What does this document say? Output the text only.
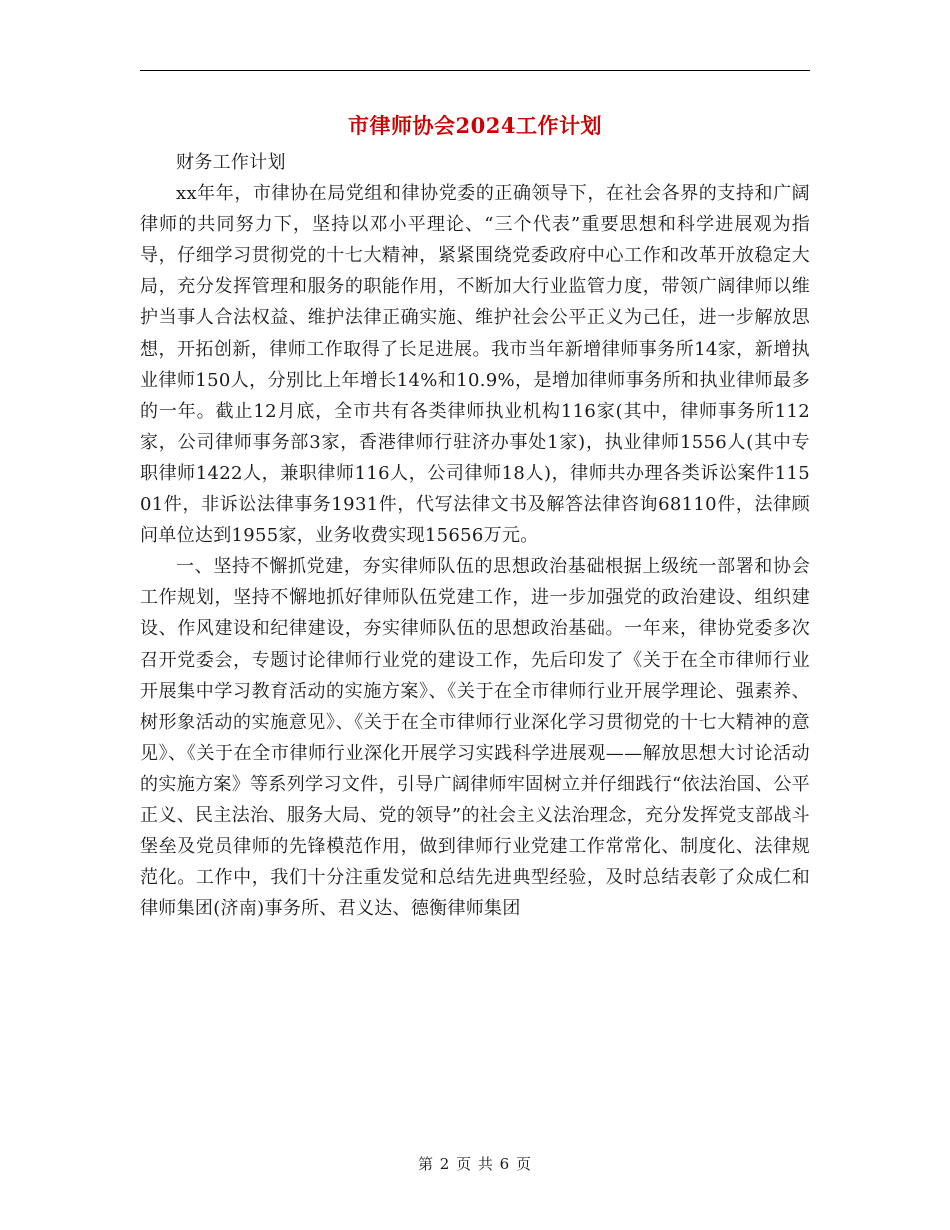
市律师协会2024工作计划

财务工作计划

xx年年，市律协在局党组和律协党委的正确领导下，在社会各界的支持和广阔律师的共同努力下，坚持以邓小平理论、“三个代表”重要思想和科学进展观为指导，仔细学习贯彻党的十七大精神，紧紧围绕党委政府中心工作和改革开放稳定大局，充分发挥管理和服务的职能作用，不断加大行业监管力度，带领广阔律师以维护当事人合法权益、维护法律正确实施、维护社会公平正义为己任，进一步解放思想，开拓创新，律师工作取得了长足进展。我市当年新增律师事务所14家，新增执业律师150人，分别比上年增长14%和10.9%，是增加律师事务所和执业律师最多的一年。截止12月底，全市共有各类律师执业机构116家(其中，律师事务所112家，公司律师事务部3家，香港律师行驻济办事处1家)，执业律师1556人(其中专职律师1422人，兼职律师116人，公司律师18人)，律师共办理各类诉讼案件11501件，非诉讼法律事务1931件，代写法律文书及解答法律咨询68110件，法律顾问单位达到1955家，业务收费实现15656万元。

一、坚持不懈抓党建，夯实律师队伍的思想政治基础根据上级统一部署和协会工作规划，坚持不懈地抓好律师队伍党建工作，进一步加强党的政治建设、组织建设、作风建设和纪律建设，夯实律师队伍的思想政治基础。一年来，律协党委多次召开党委会，专题讨论律师行业党的建设工作，先后印发了《关于在全市律师行业开展集中学习教育活动的实施方案》、《关于在全市律师行业开展学理论、强素养、树形象活动的实施意见》、《关于在全市律师行业深化学习贯彻党的十七大精神的意见》、《关于在全市律师行业深化开展学习实践科学进展观——解放思想大讨论活动的实施方案》等系列学习文件，引导广阔律师牢固树立并仔细践行“依法治国、公平正义、民主法治、服务大局、党的领导”的社会主义法治理念，充分发挥党支部战斗堡垒及党员律师的先锋模范作用，做到律师行业党建工作常常化、制度化、法律规范化。工作中，我们十分注重发觉和总结先进典型经验，及时总结表彰了众成仁和律师集团(济南)事务所、君义达、德衡律师集团

第 2 页 共 6 页
